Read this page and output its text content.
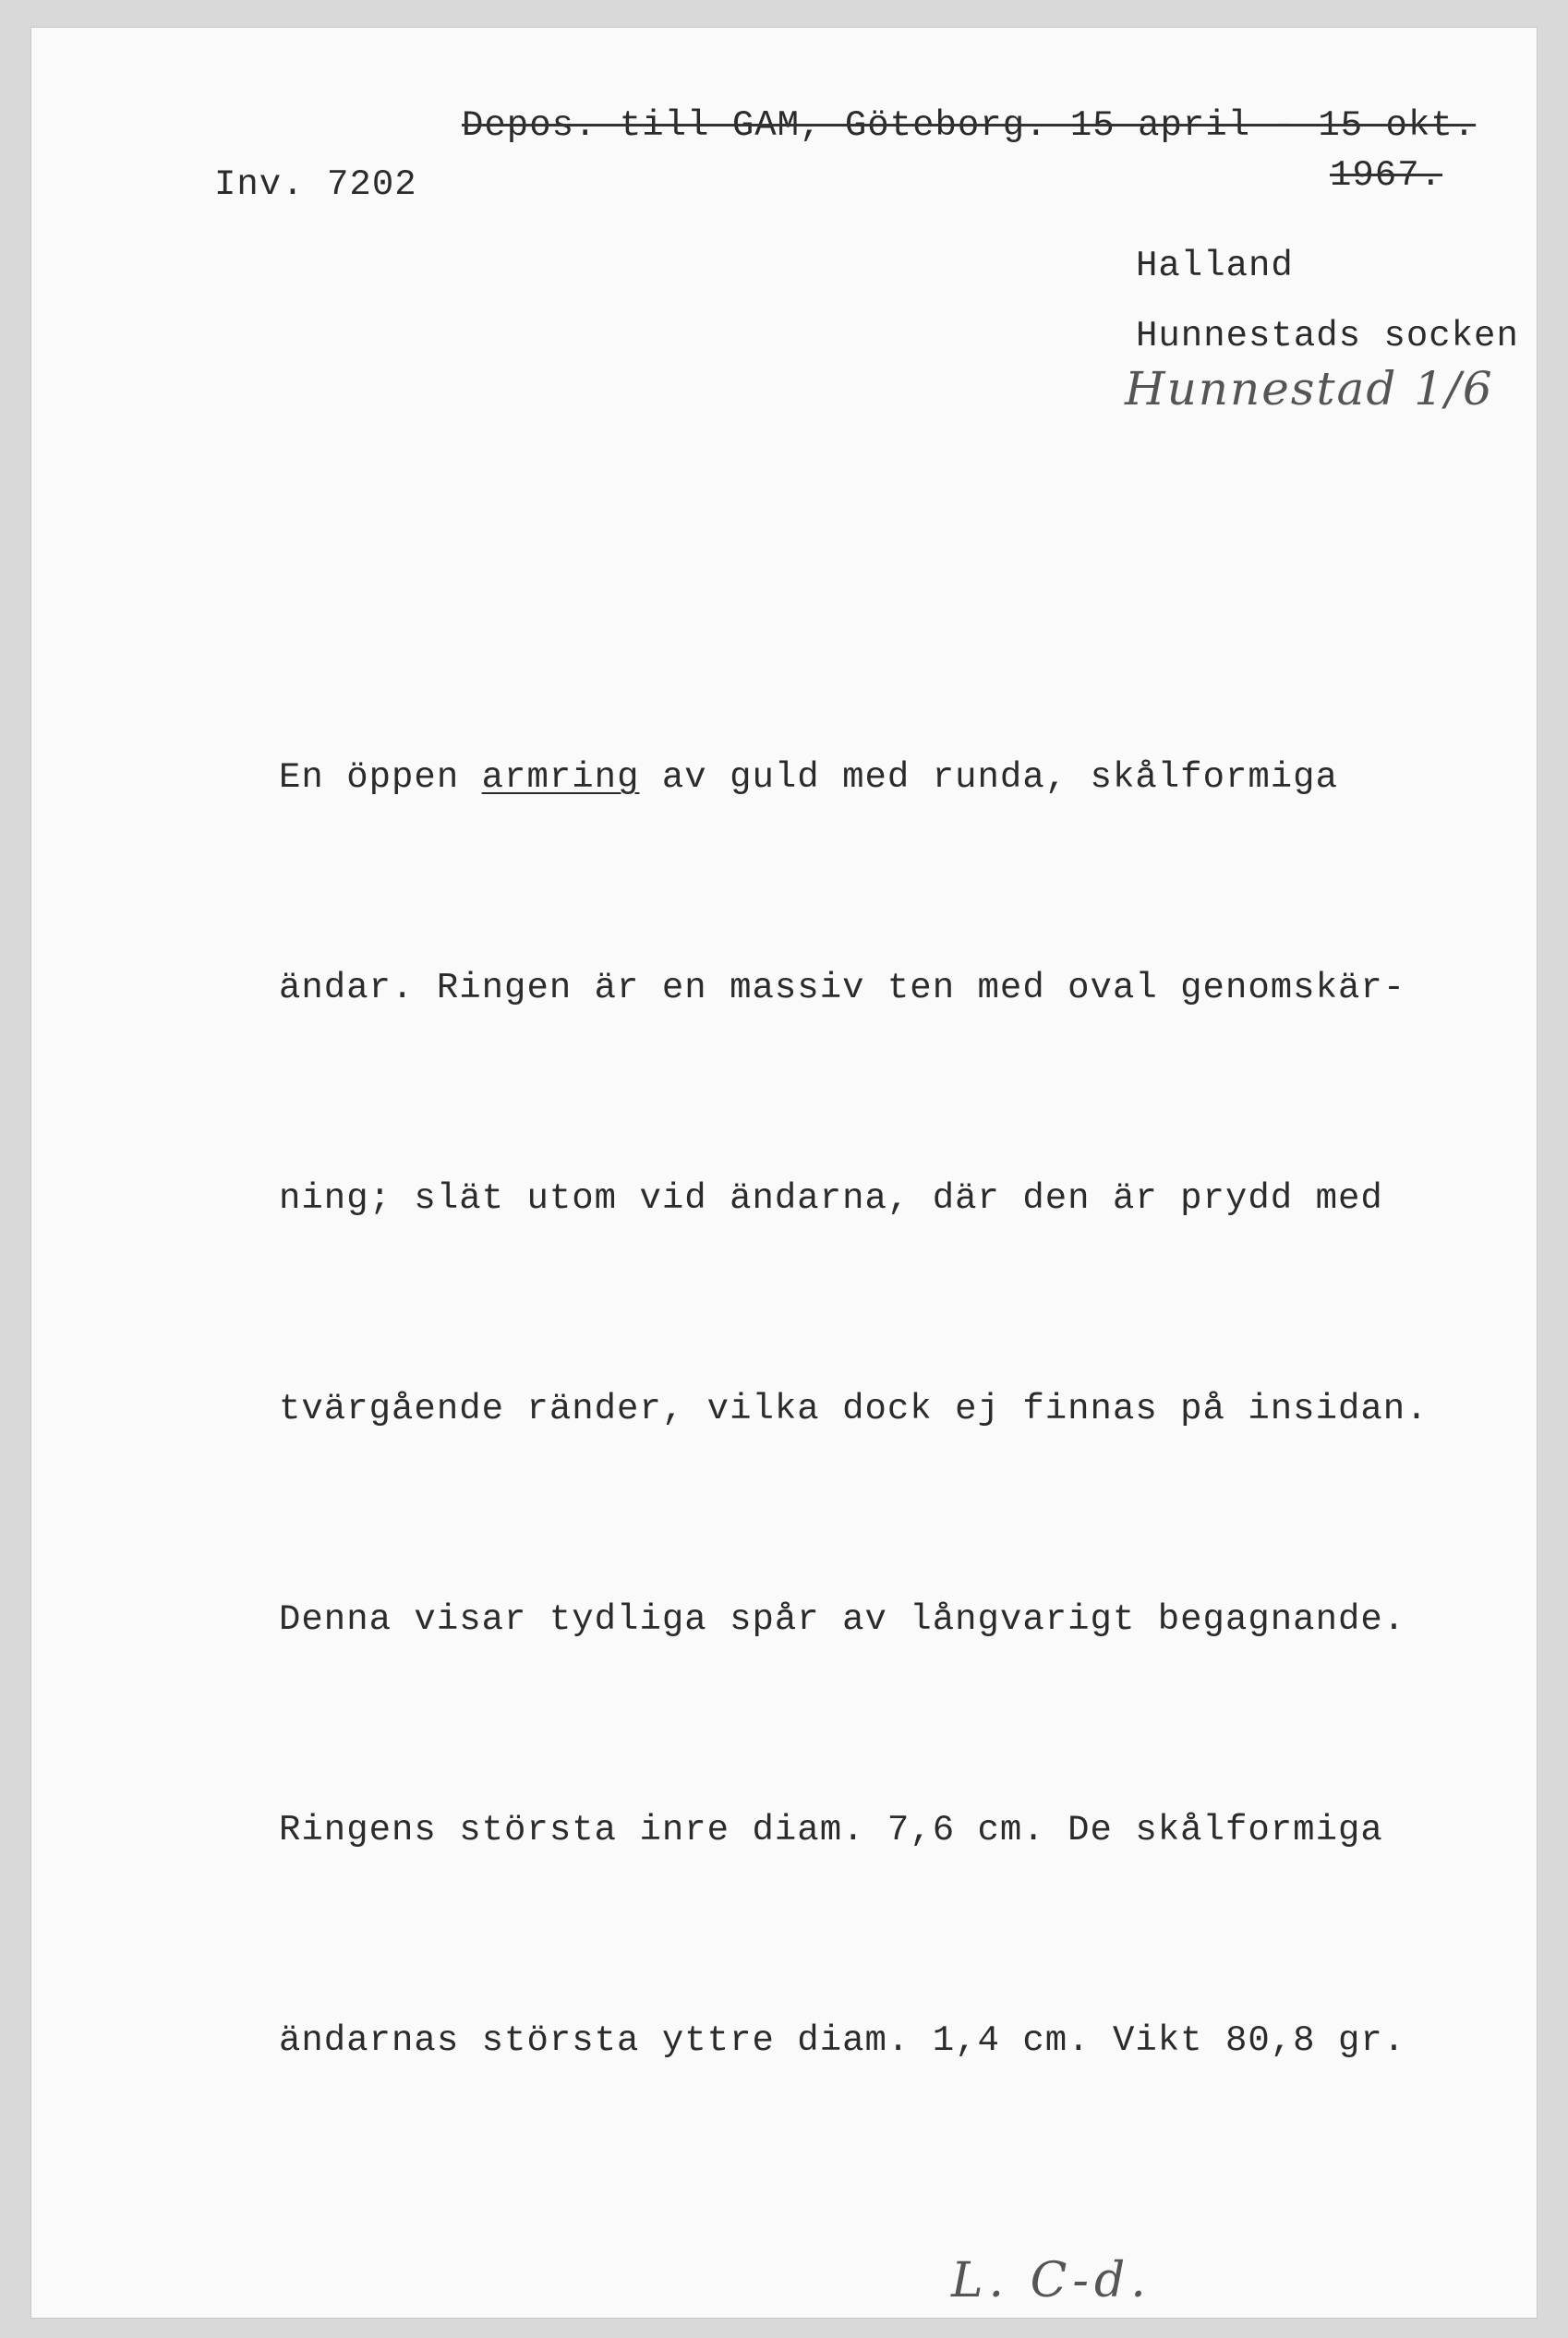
Depos. till GAM, Göteborg. 15 april - 15 okt.
Inv. 7202	1967.
Halland
Hunnestads socken
Hunnestad 1/6

En öppen armring av guld med runda, skålformiga

ändar. Ringen är en massiv ten med oval genomskär-

ning; slät utom vid ändarna, där den är prydd med

tvärgående ränder, vilka dock ej finnas på insidan.

Denna visar tydliga spår av långvarigt begagnande.

Ringens största inre diam. 7,6 cm. De skålformiga

ändarnas största yttre diam. 1,4 cm. Vikt 80,8 gr.

L. C-d.
